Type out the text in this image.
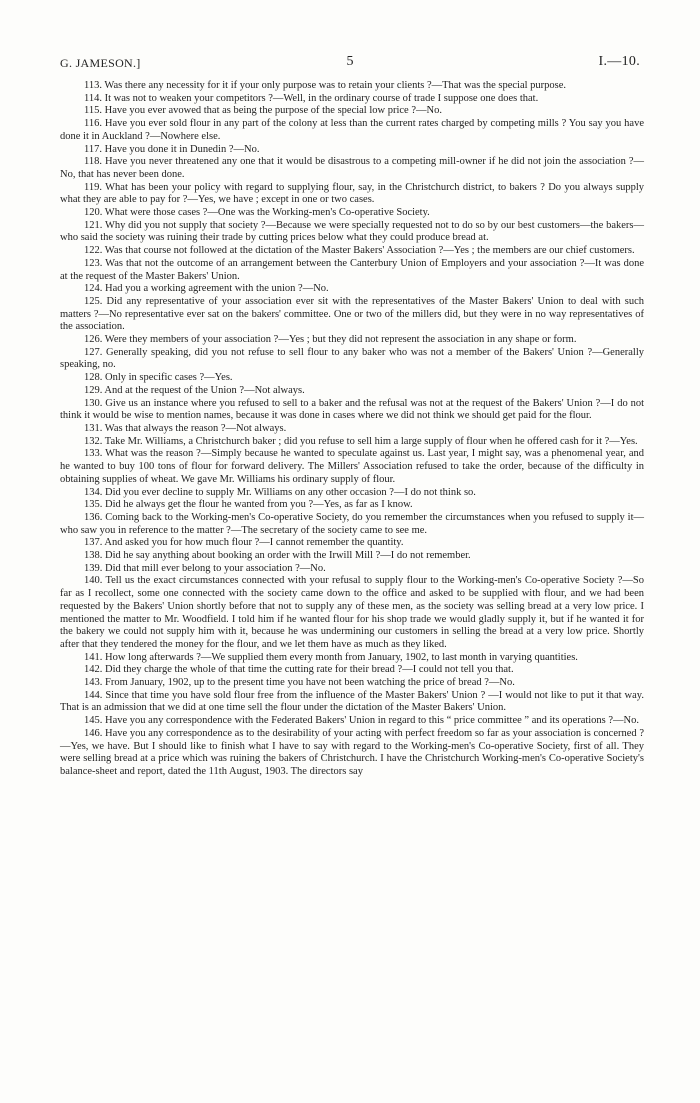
G. JAMESON.]	5	I.—10.

113. Was there any necessity for it if your only purpose was to retain your clients ?—That was the special purpose.

114. It was not to weaken your competitors ?—Well, in the ordinary course of trade I suppose one does that.

115. Have you ever avowed that as being the purpose of the special low price ?—No.

116. Have you ever sold flour in any part of the colony at less than the current rates charged by competing mills ? You say you have done it in Auckland ?—Nowhere else.

117. Have you done it in Dunedin ?—No.

118. Have you never threatened any one that it would be disastrous to a competing mill-owner if he did not join the association ?—No, that has never been done.

119. What has been your policy with regard to supplying flour, say, in the Christchurch district, to bakers ? Do you always supply what they are able to pay for ?—Yes, we have ; except in one or two cases.

120. What were those cases ?—One was the Working-men's Co-operative Society.

121. Why did you not supply that society ?—Because we were specially requested not to do so by our best customers—the bakers—who said the society was ruining their trade by cutting prices below what they could produce bread at.

122. Was that course not followed at the dictation of the Master Bakers' Association ?—Yes ; the members are our chief customers.

123. Was that not the outcome of an arrangement between the Canterbury Union of Employers and your association ?—It was done at the request of the Master Bakers' Union.

124. Had you a working agreement with the union ?—No.

125. Did any representative of your association ever sit with the representatives of the Master Bakers' Union to deal with such matters ?—No representative ever sat on the bakers' committee. One or two of the millers did, but they were in no way representatives of the association.

126. Were they members of your association ?—Yes ; but they did not represent the association in any shape or form.

127. Generally speaking, did you not refuse to sell flour to any baker who was not a member of the Bakers' Union ?—Generally speaking, no.

128. Only in specific cases ?—Yes.

129. And at the request of the Union ?—Not always.

130. Give us an instance where you refused to sell to a baker and the refusal was not at the request of the Bakers' Union ?—I do not think it would be wise to mention names, because it was done in cases where we did not think we should get paid for the flour.

131. Was that always the reason ?—Not always.

132. Take Mr. Williams, a Christchurch baker ; did you refuse to sell him a large supply of flour when he offered cash for it ?—Yes.

133. What was the reason ?—Simply because he wanted to speculate against us. Last year, I might say, was a phenomenal year, and he wanted to buy 100 tons of flour for forward delivery. The Millers' Association refused to take the order, because of the difficulty in obtaining supplies of wheat. We gave Mr. Williams his ordinary supply of flour.

134. Did you ever decline to supply Mr. Williams on any other occasion ?—I do not think so.

135. Did he always get the flour he wanted from you ?—Yes, as far as I know.

136. Coming back to the Working-men's Co-operative Society, do you remember the circumstances when you refused to supply it—who saw you in reference to the matter ?—The secretary of the society came to see me.

137. And asked you for how much flour ?—I cannot remember the quantity.

138. Did he say anything about booking an order with the Irwill Mill ?—I do not remember.

139. Did that mill ever belong to your association ?—No.

140. Tell us the exact circumstances connected with your refusal to supply flour to the Working-men's Co-operative Society ?—So far as I recollect, some one connected with the society came down to the office and asked to be supplied with flour, and we had been requested by the Bakers' Union shortly before that not to supply any of these men, as the society was selling bread at a very low price. I mentioned the matter to Mr. Woodfield. I told him if he wanted flour for his shop trade we would gladly supply it, but if he wanted it for the bakery we could not supply him with it, because he was undermining our customers in selling the bread at a very low price. Shortly after that they tendered the money for the flour, and we let them have as much as they liked.

141. How long afterwards ?—We supplied them every month from January, 1902, to last month in varying quantities.

142. Did they charge the whole of that time the cutting rate for their bread ?—I could not tell you that.

143. From January, 1902, up to the present time you have not been watching the price of bread ?—No.

144. Since that time you have sold flour free from the influence of the Master Bakers' Union ? —I would not like to put it that way. That is an admission that we did at one time sell the flour under the dictation of the Master Bakers' Union.

145. Have you any correspondence with the Federated Bakers' Union in regard to this “ price committee ” and its operations ?—No.

146. Have you any correspondence as to the desirability of your acting with perfect freedom so far as your association is concerned ?—Yes, we have. But I should like to finish what I have to say with regard to the Working-men's Co-operative Society, first of all. They were selling bread at a price which was ruining the bakers of Christchurch. I have the Christchurch Working-men's Co-operative Society's balance-sheet and report, dated the 11th August, 1903. The directors say
